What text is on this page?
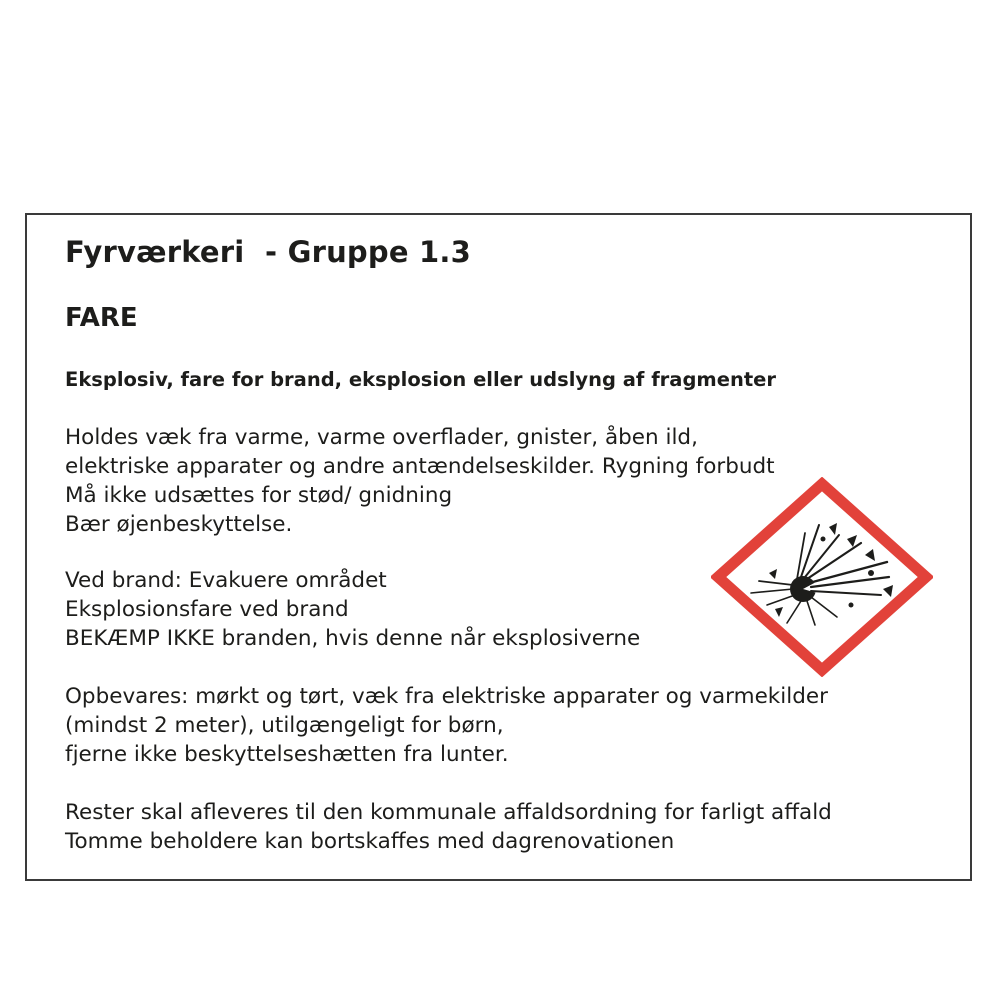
Fyrværkeri  - Gruppe 1.3
FARE

Eksplosiv, fare for brand, eksplosion eller udslyng af fragmenter

Holdes væk fra varme, varme overflader, gnister, åben ild,
elektriske apparater og andre antændelseskilder. Rygning forbudt
Må ikke udsættes for stød/ gnidning
Bær øjenbeskyttelse.

Ved brand: Evakuere området
Eksplosionsfare ved brand
BEKÆMP IKKE branden, hvis denne når eksplosiverne

Opbevares: mørkt og tørt, væk fra elektriske apparater og varmekilder
(mindst 2 meter), utilgængeligt for børn,
fjerne ikke beskyttelseshætten fra lunter.

Rester skal afleveres til den kommunale affaldsordning for farligt affald
Tomme beholdere kan bortskaffes med dagrenovationen
